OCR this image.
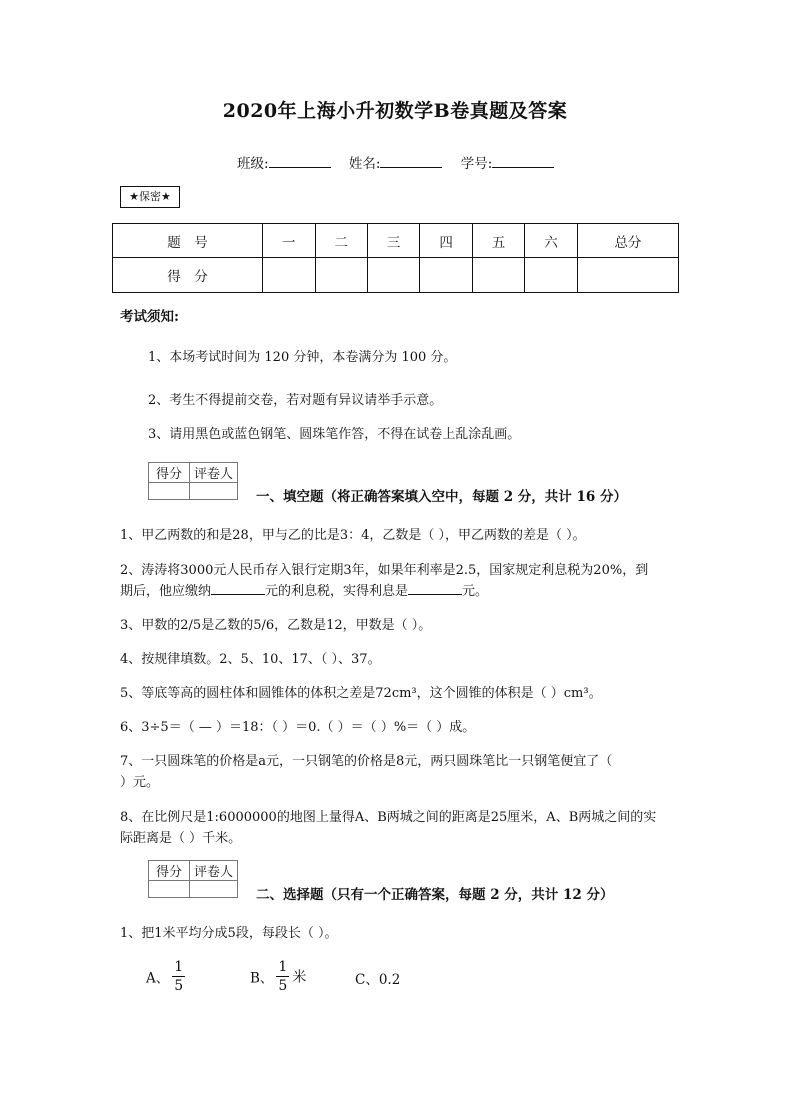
2020年上海小升初数学B卷真题及答案
班级:	姓名:	学号:
★保密★
题　号	一	二	三	四	五	六	总分
得　分							
考试须知:
1、本场考试时间为 120 分钟，本卷满分为 100 分。
2、考生不得提前交卷，若对题有异议请举手示意。
3、请用黑色或蓝色钢笔、圆珠笔作答，不得在试卷上乱涂乱画。
得分	评卷人

一、填空题（将正确答案填入空中，每题 2 分，共计 16 分）
1、甲乙两数的和是28，甲与乙的比是3：4，乙数是（ ），甲乙两数的差是（ ）。
2、涛涛将3000元人民币存入银行定期3年，如果年利率是2.5，国家规定利息税为20%，到
期后，他应缴纳	元的利息税，实得利息是	元。
3、甲数的2/5是乙数的5/6，乙数是12，甲数是（ ）。
4、按规律填数。2、5、10、17、（ ）、37。
5、等底等高的圆柱体和圆锥体的体积之差是72cm³，这个圆锥的体积是（ ）cm³。
6、3÷5＝（ — ）＝18：（ ）＝0.（ ）＝（ ）%＝（ ）成。
7、一只圆珠笔的价格是a元，一只钢笔的价格是8元，两只圆珠笔比一只钢笔便宜了（
）元。
8、在比例尺是1:6000000的地图上量得A、B两城之间的距离是25厘米，A、B两城之间的实
际距离是（ ）千米。
得分	评卷人

二、选择题（只有一个正确答案，每题 2 分，共计 12 分）
1、把1米平均分成5段，每段长（ ）。
A、 $\frac{1}{5}$	B、 $\frac{1}{5}$ 米	C、0.2
